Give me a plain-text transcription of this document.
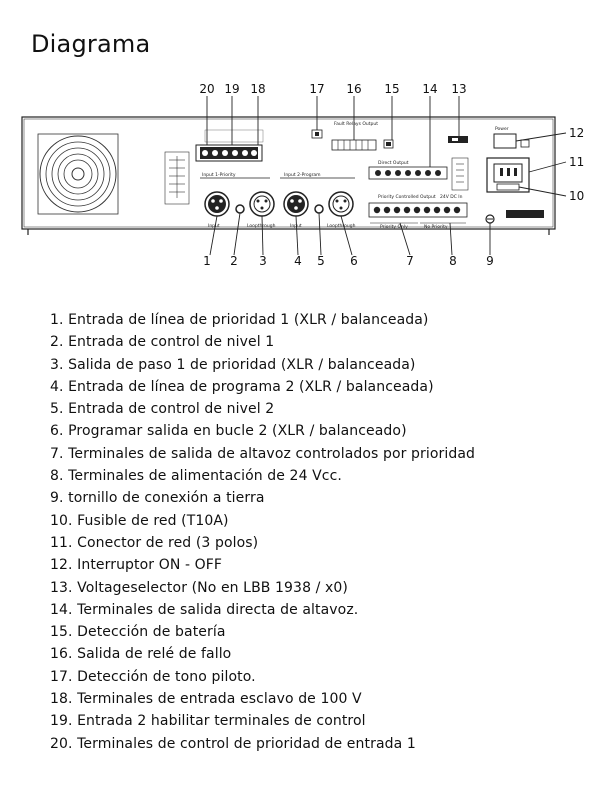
Diagrama
Input 1-Priority
Input	Loopthrough
Input 2-Program
Input	Loopthrough
Fault Relays Output
Direct Output
Priority Controlled Output 24V DC In
Priority Only	No Priority
Power
1 2 3 4 5 6	7	8 9
10
11
12
13
14
15
16
17
18
19
20
1. Entrada de línea de prioridad 1 (XLR / balanceada)
2. Entrada de control de nivel 1
3. Salida de paso 1 de prioridad (XLR / balanceada)
4. Entrada de línea de programa 2 (XLR / balanceada)
5. Entrada de control de nivel 2
6. Programar salida en bucle 2 (XLR / balanceado)
7. Terminales de salida de altavoz controlados por prioridad
8. Terminales de alimentación de 24 Vcc.
9. tornillo de conexión a tierra
10. Fusible de red (T10A)
11. Conector de red (3 polos)
12. Interruptor ON - OFF
13. Voltageselector (No en LBB 1938 / x0)
14. Terminales de salida directa de altavoz.
15. Detección de batería
16. Salida de relé de fallo
17. Detección de tono piloto.
18. Terminales de entrada esclavo de 100 V
19. Entrada 2 habilitar terminales de control
20. Terminales de control de prioridad de entrada 1
